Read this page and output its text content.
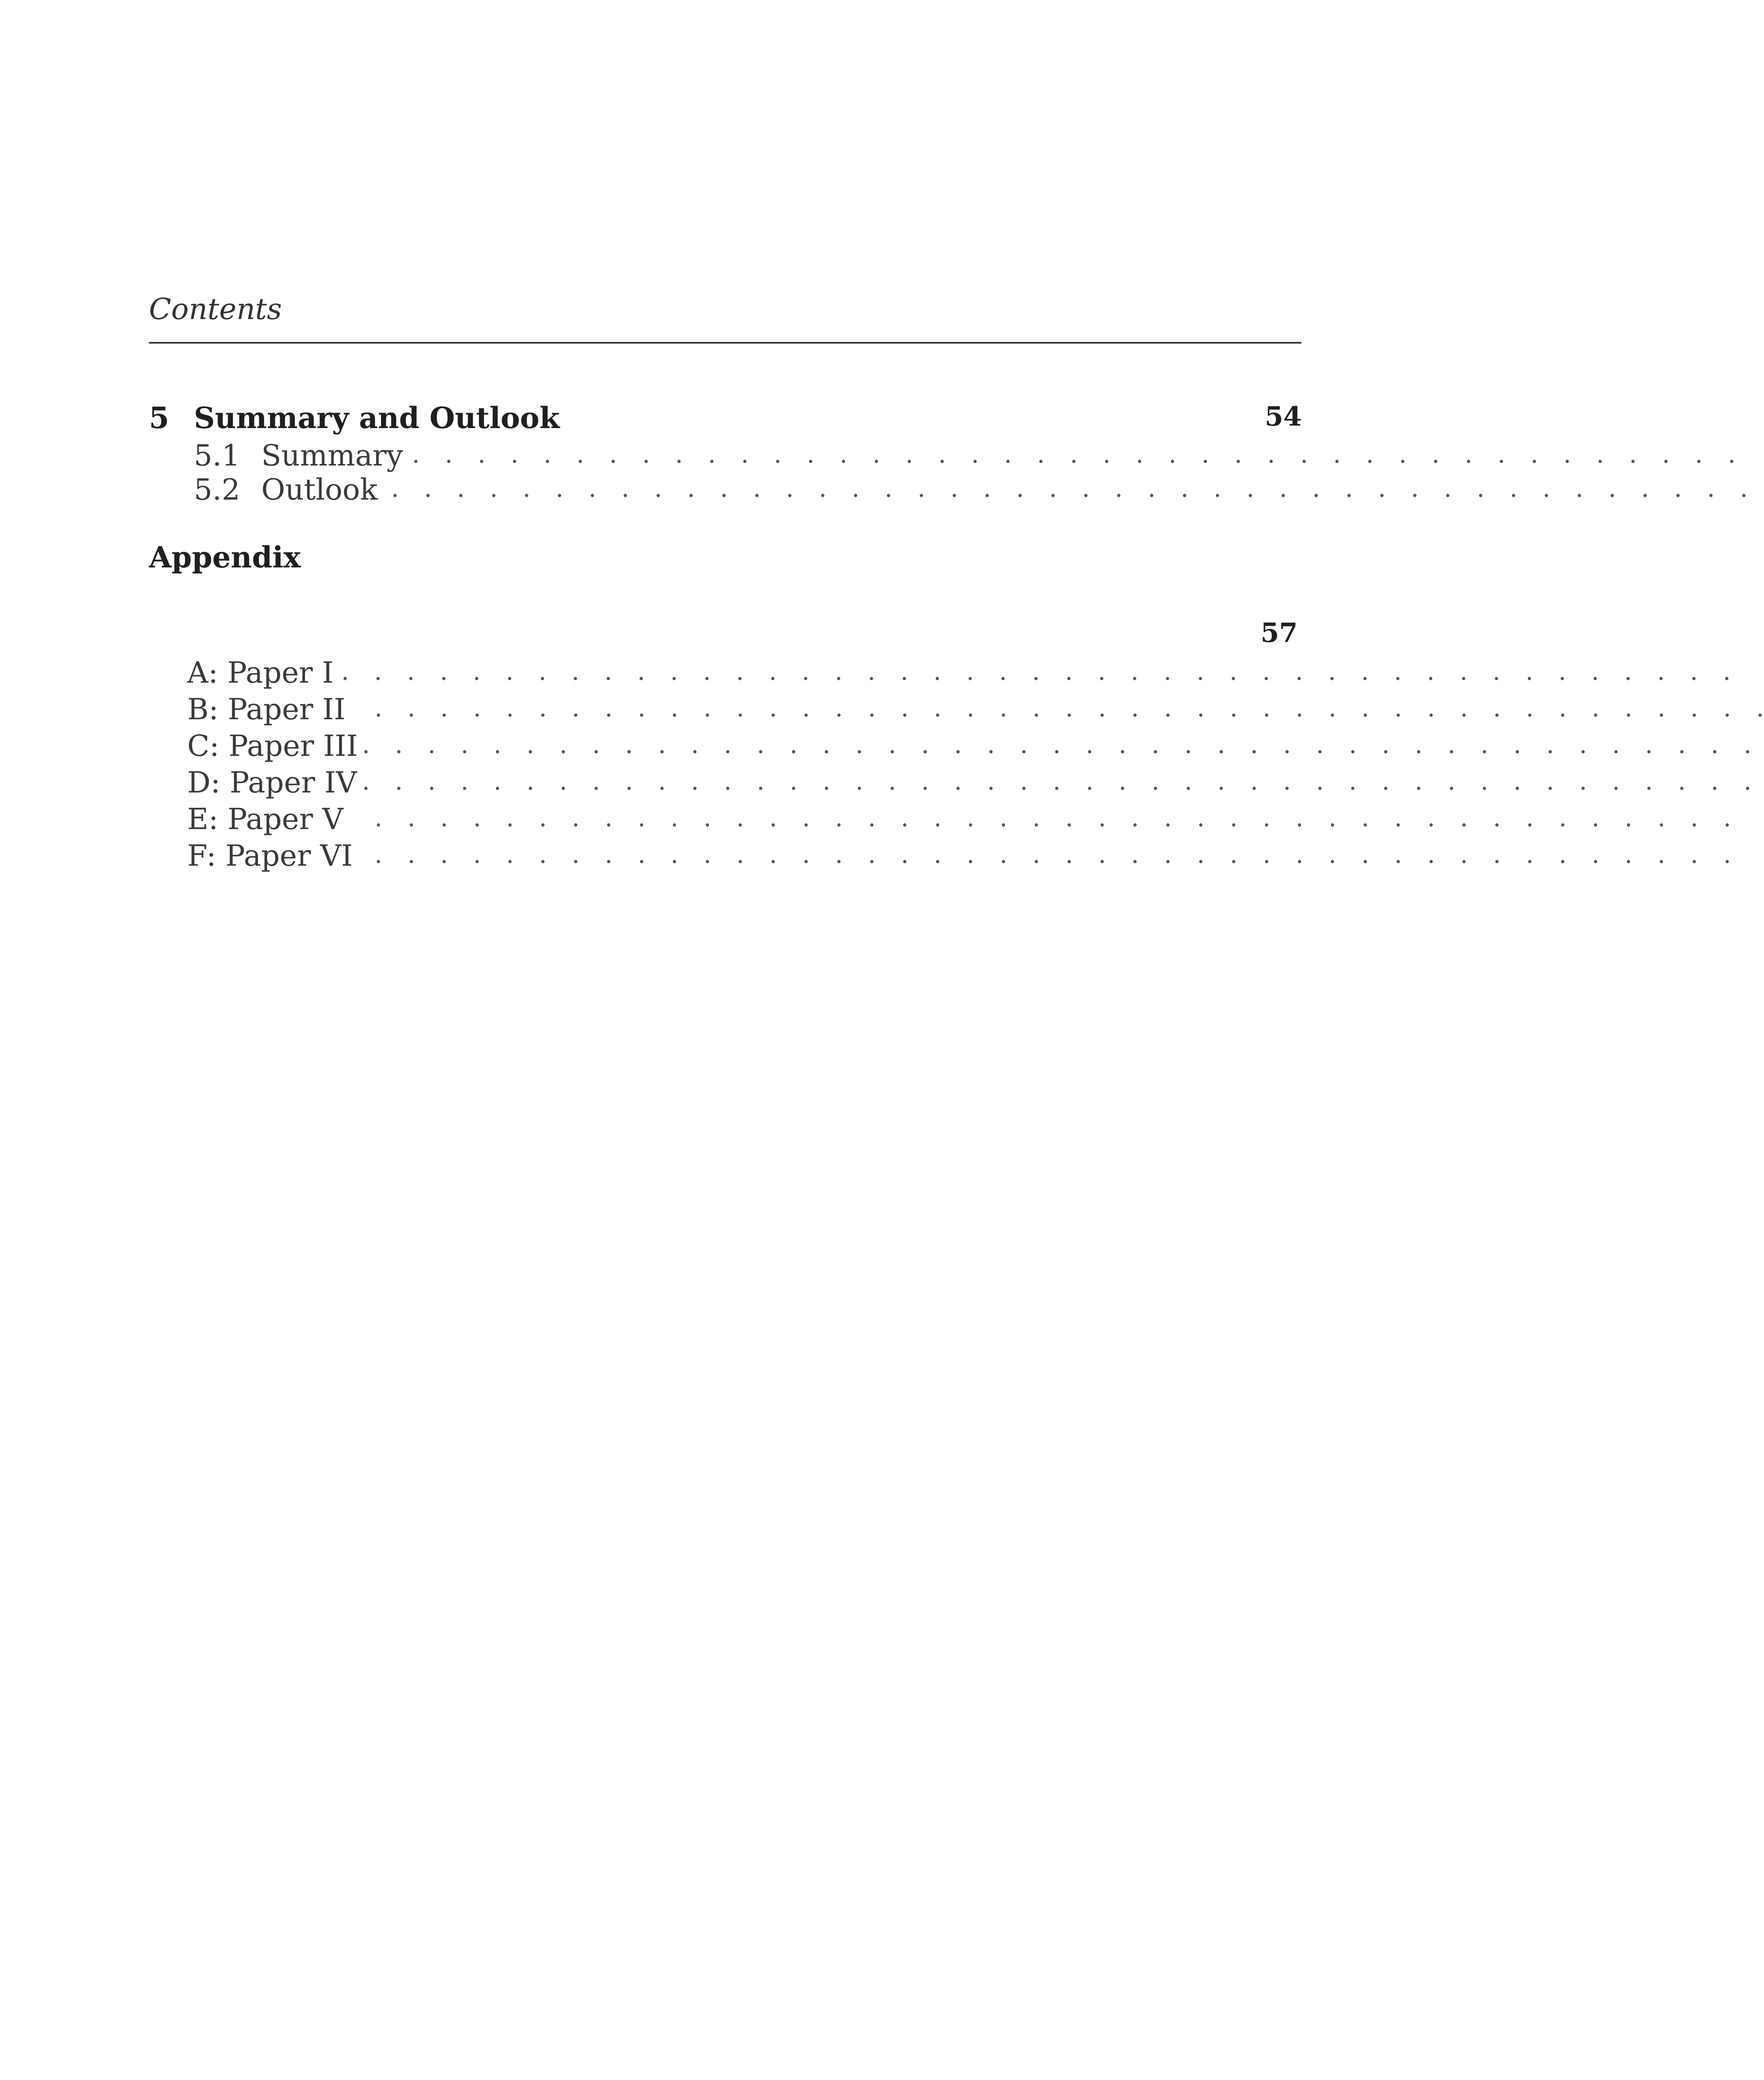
Contents
5 Summary and Outlook	54
5.1 Summary .  .  .  .  .  .  .  .  .  .  .  .  .  .  .  .  .  .  .  .  .  .  .  .  .  .  .  .  .  .  .  .  .  .  .  .  .  .  .  .  .
5.2 Outlook .  .  .  .  .  .  .  .  .  .  .  .  .  .  .  .  .  .  .  .  .  .  .  .  .  .  .  .  .  .  .  .  .  .  .  .  .  .  .  .  .  .
Appendix
57
A: Paper I .  .  .  .  .  .  .  .  .  .  .  .  .  .  .  .  .  .  .  .  .  .  .  .  .  .  .  .  .  .  .  .  .  .  .  .  .  .  .  .  .  .  .
B: Paper II .  .  .  .  .  .  .  .  .  .  .  .  .  .  .  .  .  .  .  .  .  .  .  .  .  .  .  .  .  .  .  .  .  .  .  .  .  .  .  .  .  .  .
C: Paper III .  .  .  .  .  .  .  .  .  .  .  .  .  .  .  .  .  .  .  .  .  .  .  .  .  .  .  .  .  .  .  .  .  .  .  .  .  .  .  .  .  .  .
D: Paper IV .  .  .  .  .  .  .  .  .  .  .  .  .  .  .  .  .  .  .  .  .  .  .  .  .  .  .  .  .  .  .  .  .  .  .  .  .  .  .  .  .  .  .
E: Paper V .  .  .  .  .  .  .  .  .  .  .  .  .  .  .  .  .  .  .  .  .  .  .  .  .  .  .  .  .  .  .  .  .  .  .  .  .  .  .  .  .  .
F: Paper VI .  .  .  .  .  .  .  .  .  .  .  .  .  .  .  .  .  .  .  .  .  .  .  .  .  .  .  .  .  .  .  .  .  .  .  .  .  .  .  .  .  .
